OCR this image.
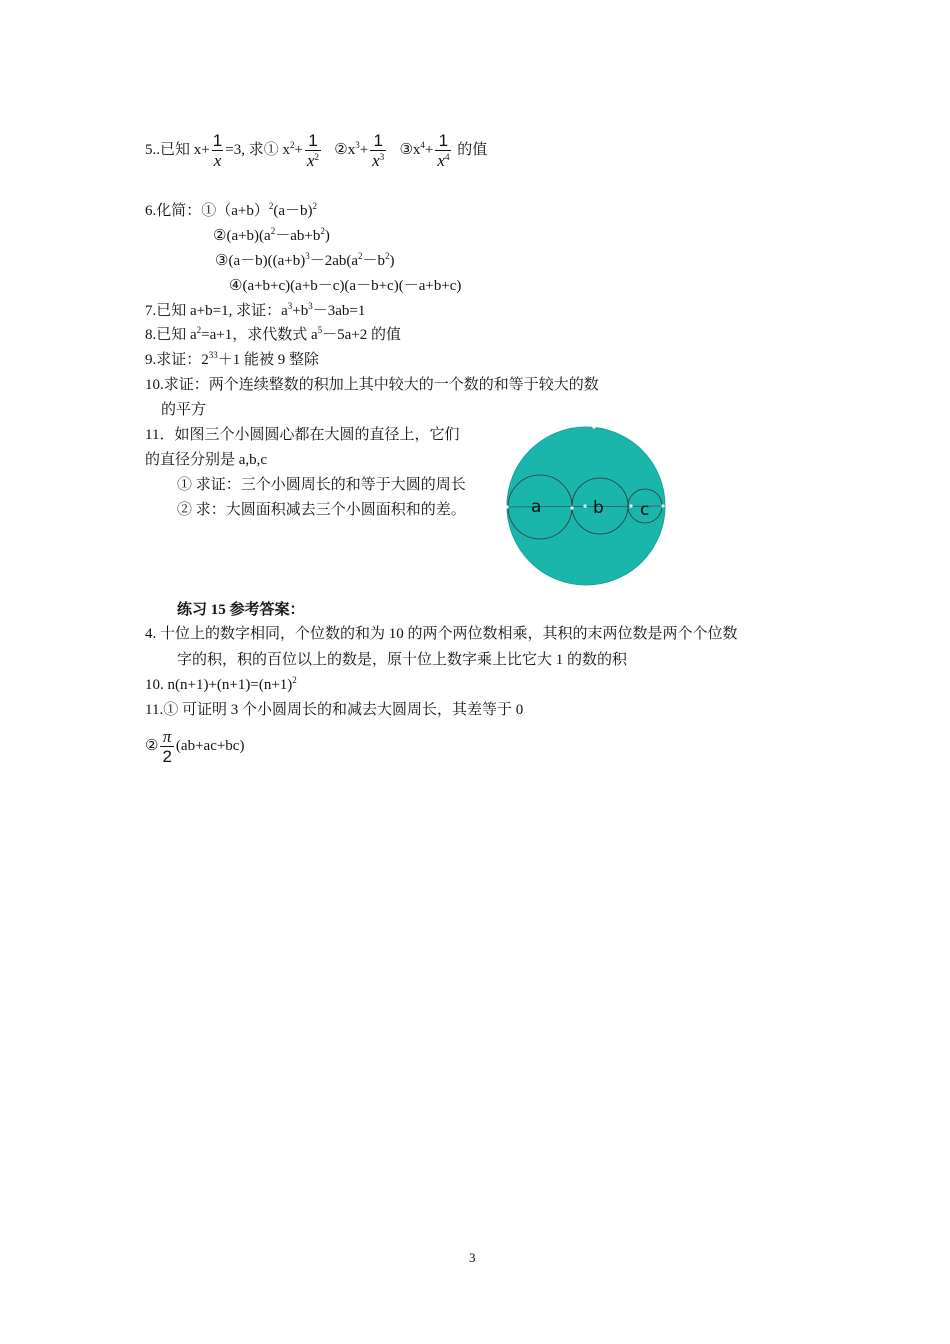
5..已知 $x+ \frac{1}{x} =3$, 求① $x^2+ \frac{1}{x^2}$ $②x^3+ \frac{1}{x^3}$ $③x^4+ \frac{1}{x^4}$ 的值
6.化简：$①(a+b)^2(a-b)^2$
$②(a+b)(a^2-ab+b^2)$
$③(a-b)((a+b)^3-2ab(a^2-b^2)$
④(a+b+c)(a+b－c)(a－b+c)(－a+b+c)
7.已知 a+b=1, 求证：$a^3+b^3-3ab=1$
8.已知 $a^2=a+1$，求代数式 $a^5-5a+2$ 的值
9.求证：$2^{33}+1$ 能被 9 整除
10.求证：两个连续整数的积加上其中较大的一个数的和等于较大的数
的平方
11．如图三个小圆圆心都在大圆的直径上，它们
的直径分别是 a,b,c
① 求证：三个小圆周长的和等于大圆的周长
② 求：大圆面积减去三个小圆面积和的差。	a	b c
练习 15 参考答案：
4. 十位上的数字相同，个位数的和为 10 的两个两位数相乘，其积的末两位数是两个个位数
字的积，积的百位以上的数是，原十位上数字乘上比它大 1 的数的积
10. $n(n+1)+(n+1)=(n+1)^2$
11.① 可证明 3 个小圆周长的和减去大圆周长，其差等于 0
② $\frac{\pi}{2} (ab+ac+bc)$
3
